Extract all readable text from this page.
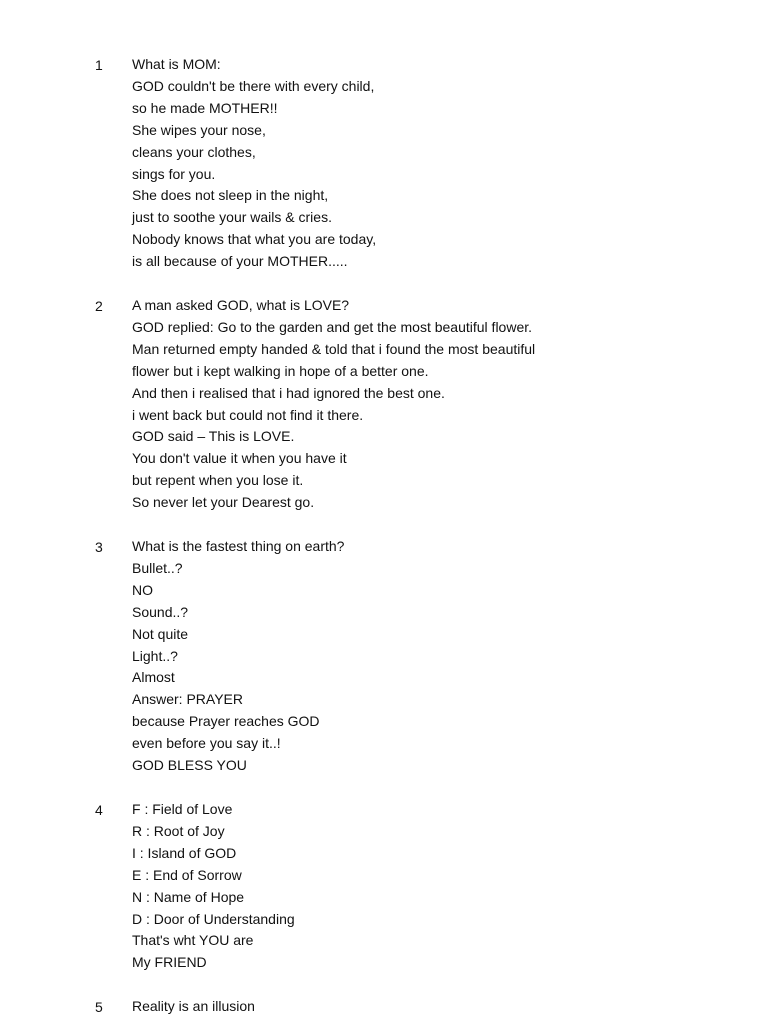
1 What is MOM:
GOD couldn't be there with every child,
so he made MOTHER!!
She wipes your nose,
cleans your clothes,
sings for you.
She does not sleep in the night,
just to soothe your wails & cries.
Nobody knows that what you are today,
is all because of your MOTHER.....
2 A man asked GOD, what is LOVE?
GOD replied: Go to the garden and get the most beautiful flower.
Man returned empty handed & told that i found the most beautiful
flower but i kept walking in hope of a better one.
And then i realised that i had ignored the best one.
i went back but could not find it there.
GOD said – This is LOVE.
You don't value it when you have it
but repent when you lose it.
So never let your Dearest go.
3 What is the fastest thing on earth?
Bullet..?
NO
Sound..?
Not quite
Light..?
Almost
Answer: PRAYER
because Prayer reaches GOD
even before you say it..!
GOD BLESS YOU
4 F : Field of Love
R : Root of Joy
I : Island of GOD
E : End of Sorrow
N : Name of Hope
D : Door of Understanding
That's wht YOU are
My FRIEND
5 Reality is an illusion
